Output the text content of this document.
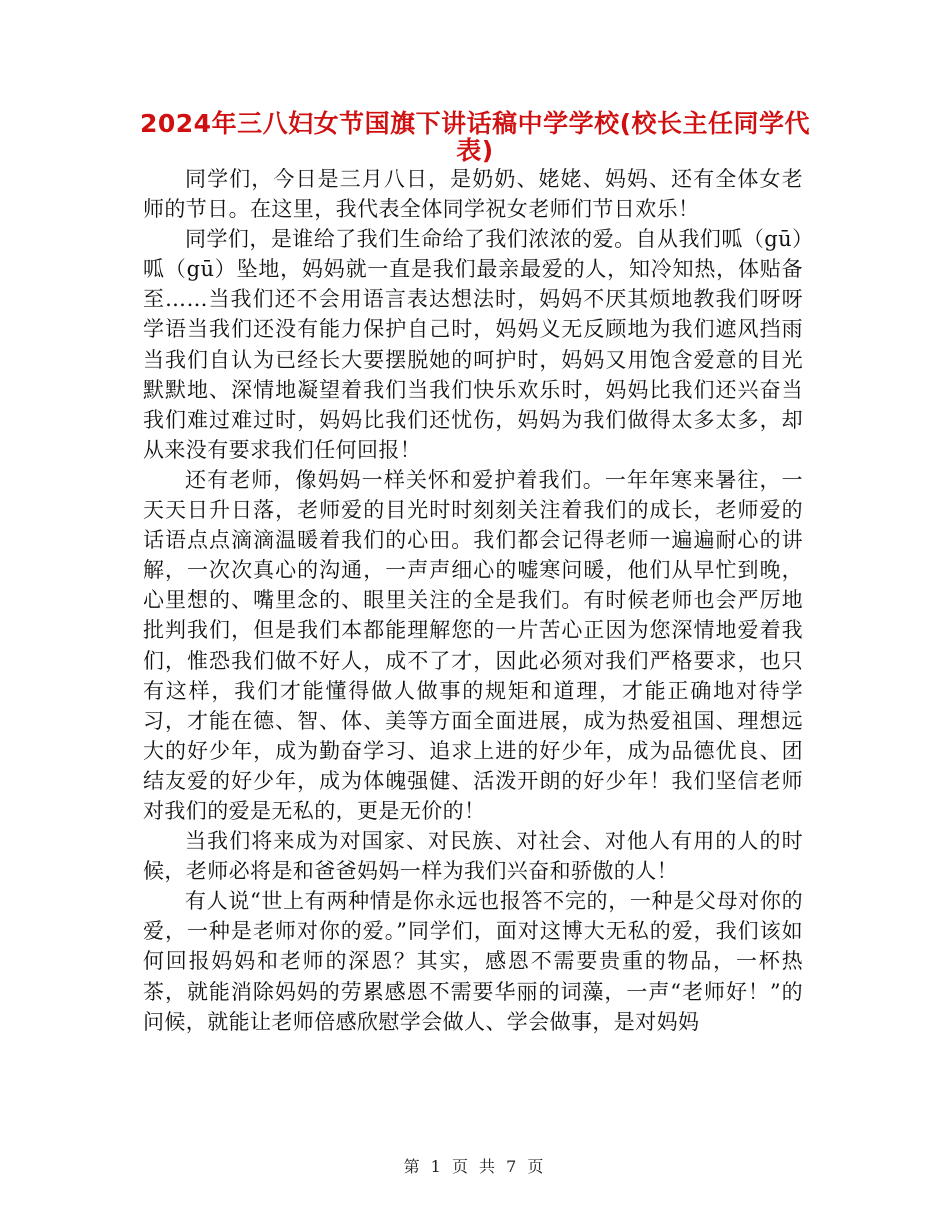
2024年三八妇女节国旗下讲话稿中学学校(校长主任同学代表)

同学们，今日是三月八日，是奶奶、姥姥、妈妈、还有全体女老师的节日。在这里，我代表全体同学祝女老师们节日欢乐！

同学们，是谁给了我们生命给了我们浓浓的爱。自从我们呱（gū）呱（gū）坠地，妈妈就一直是我们最亲最爱的人，知冷知热，体贴备至……当我们还不会用语言表达想法时，妈妈不厌其烦地教我们呀呀学语当我们还没有能力保护自己时，妈妈义无反顾地为我们遮风挡雨当我们自认为已经长大要摆脱她的呵护时，妈妈又用饱含爱意的目光默默地、深情地凝望着我们当我们快乐欢乐时，妈妈比我们还兴奋当我们难过难过时，妈妈比我们还忧伤，妈妈为我们做得太多太多，却从来没有要求我们任何回报！

还有老师，像妈妈一样关怀和爱护着我们。一年年寒来暑往，一天天日升日落，老师爱的目光时时刻刻关注着我们的成长，老师爱的话语点点滴滴温暖着我们的心田。我们都会记得老师一遍遍耐心的讲解，一次次真心的沟通，一声声细心的嘘寒问暖，他们从早忙到晚，心里想的、嘴里念的、眼里关注的全是我们。有时候老师也会严厉地批判我们，但是我们本都能理解您的一片苦心正因为您深情地爱着我们，惟恐我们做不好人，成不了才，因此必须对我们严格要求，也只有这样，我们才能懂得做人做事的规矩和道理，才能正确地对待学习，才能在德、智、体、美等方面全面进展，成为热爱祖国、理想远大的好少年，成为勤奋学习、追求上进的好少年，成为品德优良、团结友爱的好少年，成为体魄强健、活泼开朗的好少年！我们坚信老师对我们的爱是无私的，更是无价的！

当我们将来成为对国家、对民族、对社会、对他人有用的人的时候，老师必将是和爸爸妈妈一样为我们兴奋和骄傲的人！

有人说“世上有两种情是你永远也报答不完的，一种是父母对你的爱，一种是老师对你的爱。”同学们，面对这博大无私的爱，我们该如何回报妈妈和老师的深恩？其实，感恩不需要贵重的物品，一杯热茶，就能消除妈妈的劳累感恩不需要华丽的词藻，一声“老师好！”的问候，就能让老师倍感欣慰学会做人、学会做事，是对妈妈

第 1 页 共 7 页
